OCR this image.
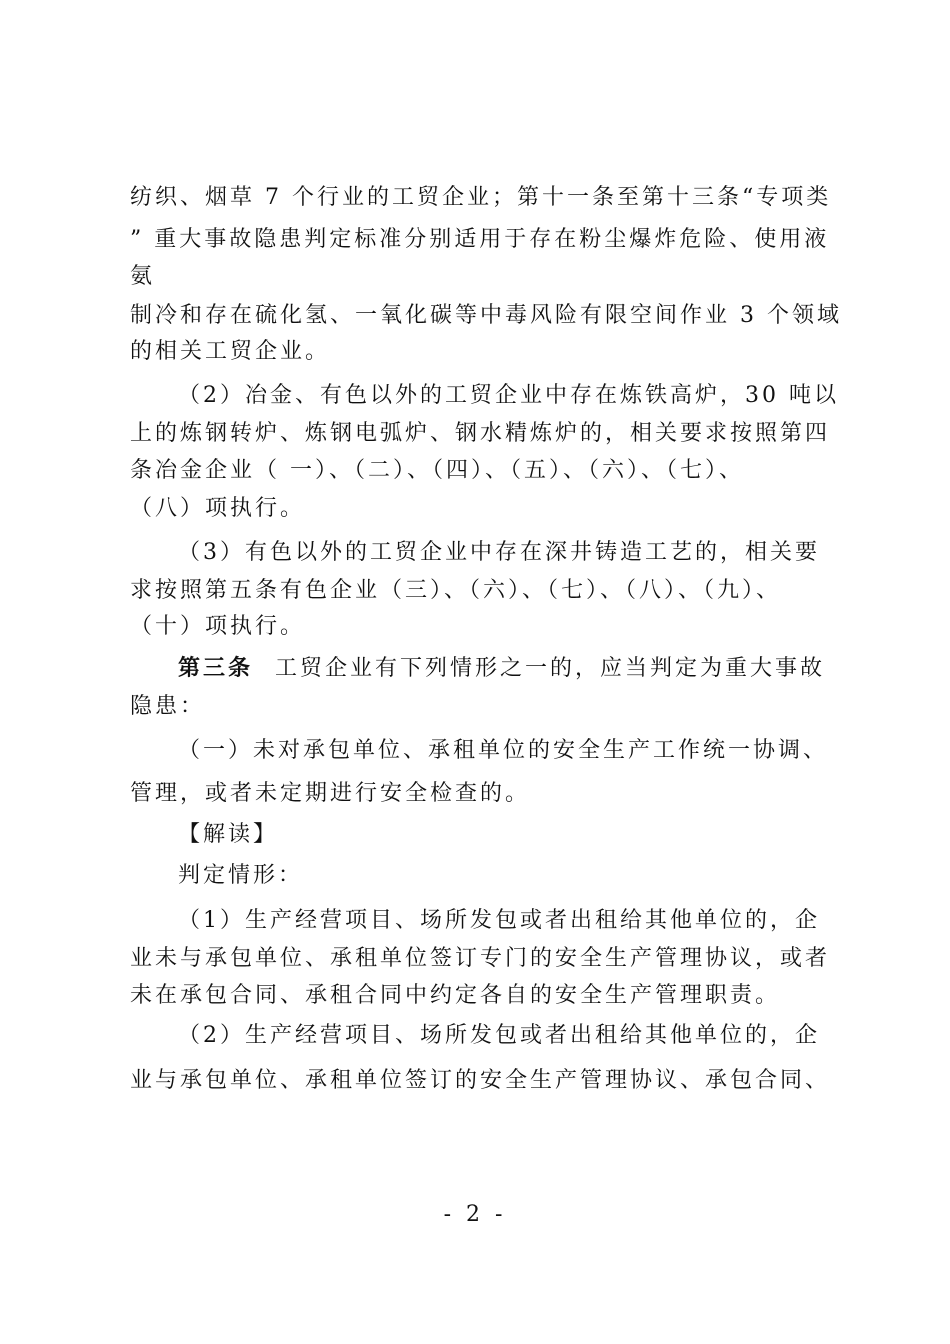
纺织、烟草 7 个行业的工贸企业；第十一条至第十三条“专项类
” 重大事故隐患判定标准分别适用于存在粉尘爆炸危险、使用液
氨
制冷和存在硫化氢、一氧化碳等中毒风险有限空间作业 3 个领域
的相关工贸企业。
（2）冶金、有色以外的工贸企业中存在炼铁高炉，30 吨以
上的炼钢转炉、炼钢电弧炉、钢水精炼炉的，相关要求按照第四
条冶金企业（ 一）、（二）、（四）、（五）、（六）、（七）、
（八）项执行。
（3）有色以外的工贸企业中存在深井铸造工艺的，相关要
求按照第五条有色企业（三）、（六）、（七）、（八）、（九）、
（十）项执行。
第三条 工贸企业有下列情形之一的，应当判定为重大事故
隐患：
（一）未对承包单位、承租单位的安全生产工作统一协调、
管理，或者未定期进行安全检查的。
【解读】
判定情形：
（1）生产经营项目、场所发包或者出租给其他单位的，企
业未与承包单位、承租单位签订专门的安全生产管理协议，或者
未在承包合同、承租合同中约定各自的安全生产管理职责。
（2）生产经营项目、场所发包或者出租给其他单位的，企
业与承包单位、承租单位签订的安全生产管理协议、承包合同、
- 2 -
